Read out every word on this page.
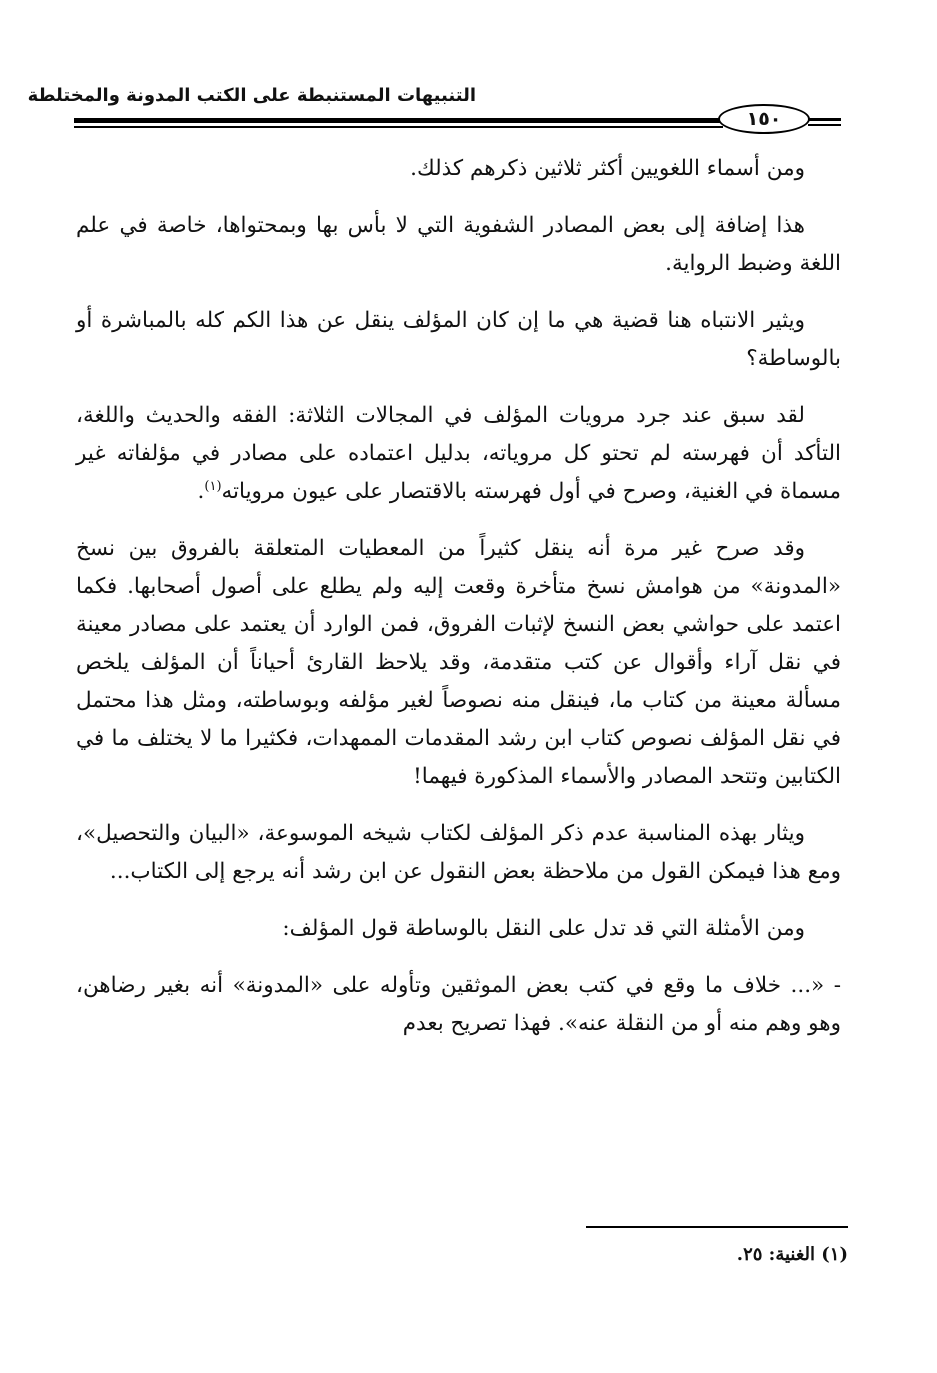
التنبيهات المستنبطة على الكتب المدونة والمختلطة
١٥٠

ومن أسماء اللغويين أكثر ثلاثين ذكرهم كذلك.

هذا إضافة إلى بعض المصادر الشفوية التي لا بأس بها وبمحتواها، خاصة في علم اللغة وضبط الرواية.

ويثير الانتباه هنا قضية هي ما إن كان المؤلف ينقل عن هذا الكم كله بالمباشرة أو بالوساطة؟

لقد سبق عند جرد مرويات المؤلف في المجالات الثلاثة: الفقه والحديث واللغة، التأكد أن فهرسته لم تحتو كل مروياته، بدليل اعتماده على مصادر في مؤلفاته غير مسماة في الغنية، وصرح في أول فهرسته بالاقتصار على عيون مروياته$^{(١)}$.

وقد صرح غير مرة أنه ينقل كثيراً من المعطيات المتعلقة بالفروق بين نسخ «المدونة» من هوامش نسخ متأخرة وقعت إليه ولم يطلع على أصول أصحابها. فكما اعتمد على حواشي بعض النسخ لإثبات الفروق، فمن الوارد أن يعتمد على مصادر معينة في نقل آراء وأقوال عن كتب متقدمة، وقد يلاحظ القارئ أحياناً أن المؤلف يلخص مسألة معينة من كتاب ما، فينقل منه نصوصاً لغير مؤلفه وبوساطته، ومثل هذا محتمل في نقل المؤلف نصوص كتاب ابن رشد المقدمات الممهدات، فكثيرا ما لا يختلف ما في الكتابين وتتحد المصادر والأسماء المذكورة فيهما!

ويثار بهذه المناسبة عدم ذكر المؤلف لكتاب شيخه الموسوعة، «البيان والتحصيل»، ومع هذا فيمكن القول من ملاحظة بعض النقول عن ابن رشد أنه يرجع إلى الكتاب...

ومن الأمثلة التي قد تدل على النقل بالوساطة قول المؤلف:

- «... خلاف ما وقع في كتب بعض الموثقين وتأوله على «المدونة» أنه بغير رضاهن، وهو وهم منه أو من النقلة عنه». فهذا تصريح بعدم

(١) الغنية: ٢٥.
